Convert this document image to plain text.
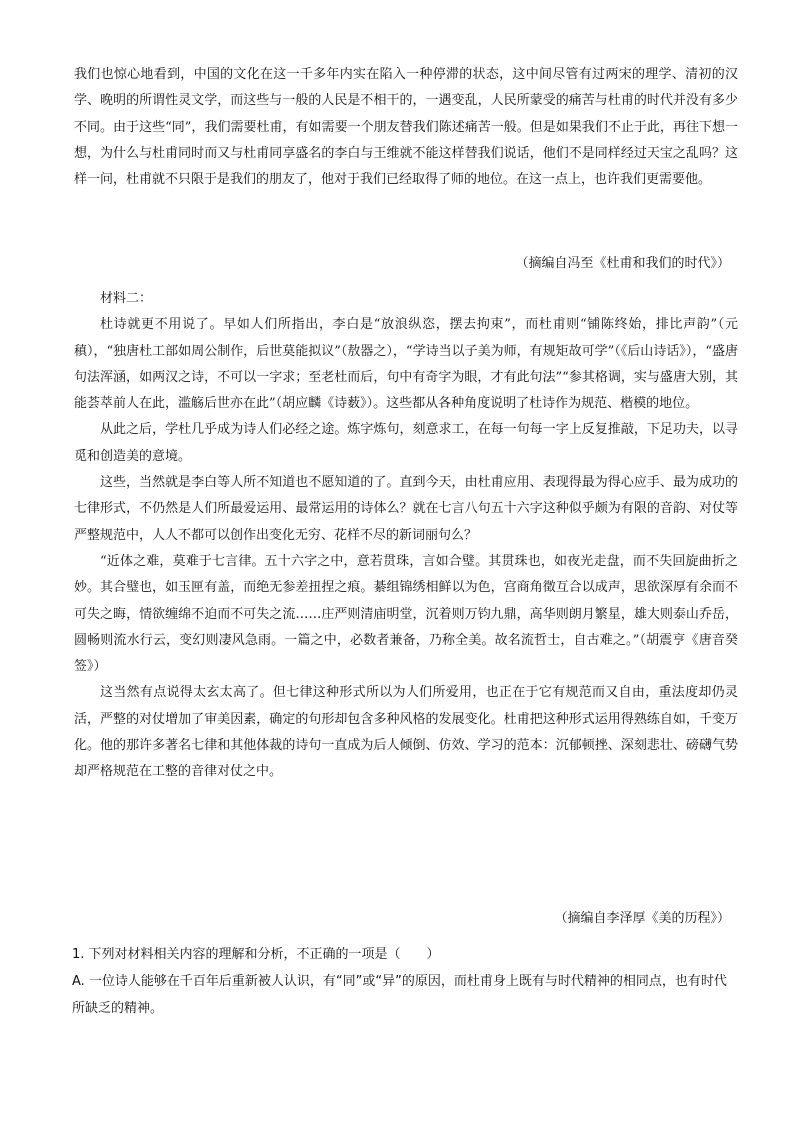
我们也惊心地看到，中国的文化在这一千多年内实在陷入一种停滞的状态，这中间尽管有过两宋的理学、清初的汉学、晚明的所谓性灵文学，而这些与一般的人民是不相干的，一遇变乱，人民所蒙受的痛苦与杜甫的时代并没有多少不同。由于这些“同”，我们需要杜甫，有如需要一个朋友替我们陈述痛苦一般。但是如果我们不止于此，再往下想一想，为什么与杜甫同时而又与杜甫同享盛名的李白与王维就不能这样替我们说话，他们不是同样经过天宝之乱吗？这样一问，杜甫就不只限于是我们的朋友了，他对于我们已经取得了师的地位。在这一点上，也许我们更需要他。

（摘编自冯至《杜甫和我们的时代》）

材料二：

杜诗就更不用说了。早如人们所指出，李白是“放浪纵恣，摆去拘束”，而杜甫则“铺陈终始，排比声韵”（元稹），“独唐杜工部如周公制作，后世莫能拟议”（敖器之），“学诗当以子美为师，有规矩故可学”（《后山诗话》），“盛唐句法浑涵，如两汉之诗，不可以一字求；至老杜而后，句中有奇字为眼，才有此句法”“参其格调，实与盛唐大别，其能荟萃前人在此，滥觞后世亦在此”（胡应麟《诗薮》）。这些都从各种角度说明了杜诗作为规范、楷模的地位。

从此之后，学杜几乎成为诗人们必经之途。炼字炼句，刻意求工，在每一句每一字上反复推敲，下足功夫，以寻觅和创造美的意境。

这些，当然就是李白等人所不知道也不愿知道的了。直到今天，由杜甫应用、表现得最为得心应手、最为成功的七律形式，不仍然是人们所最爱运用、最常运用的诗体么？就在七言八句五十六字这种似乎颇为有限的音韵、对仗等严整规范中，人人不都可以创作出变化无穷、花样不尽的新词丽句么？

“近体之难，莫难于七言律。五十六字之中，意若贯珠，言如合璧。其贯珠也，如夜光走盘，而不失回旋曲折之妙。其合璧也，如玉匣有盖，而绝无参差扭捏之痕。綦组锦绣相鲜以为色，宫商角徵互合以成声，思欲深厚有余而不可失之晦，情欲缠绵不迫而不可失之流……庄严则清庙明堂，沉着则万钧九鼎，高华则朗月繁星，雄大则泰山乔岳，圆畅则流水行云，变幻则凄风急雨。一篇之中，必数者兼备，乃称全美。故名流哲士，自古难之。”（胡震亨《唐音癸签》）

这当然有点说得太玄太高了。但七律这种形式所以为人们所爱用，也正在于它有规范而又自由，重法度却仍灵活，严整的对仗增加了审美因素，确定的句形却包含多种风格的发展变化。杜甫把这种形式运用得熟练自如，千变万化。他的那许多著名七律和其他体裁的诗句一直成为后人倾倒、仿效、学习的范本：沉郁顿挫、深刻悲壮、磅礴气势却严格规范在工整的音律对仗之中。

（摘编自李泽厚《美的历程》）

1. 下列对材料相关内容的理解和分析，不正确的一项是（　　）

A. 一位诗人能够在千百年后重新被人认识，有“同”或“异”的原因，而杜甫身上既有与时代精神的相同点，也有时代所缺乏的精神。
